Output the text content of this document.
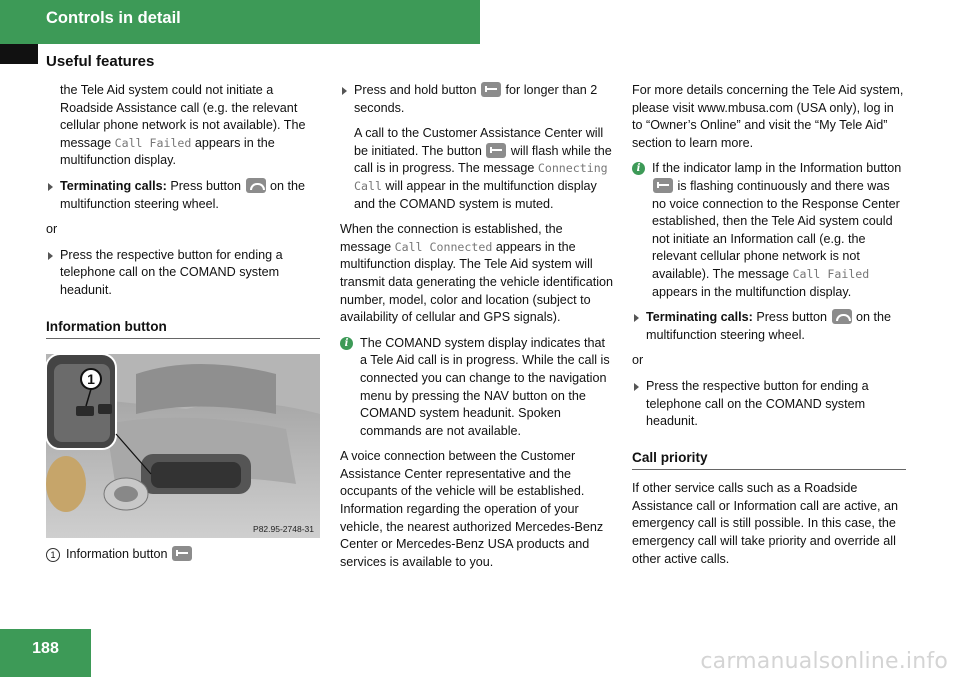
Controls in detail
Useful features

the Tele Aid system could not initiate a Roadside Assistance call (e.g. the relevant cellular phone network is not available). The message Call Failed appears in the multifunction display.

Terminating calls: Press button  on the multifunction steering wheel.

or

Press the respective button for ending a telephone call on the COMAND system headunit.
Information button
1
P82.95-2748-31
1 Information button
Press and hold button  for longer than 2 seconds.

A call to the Customer Assistance Center will be initiated. The button  will flash while the call is in progress. The message Connecting Call will appear in the multifunction display and the COMAND system is muted.

When the connection is established, the message Call Connected appears in the multifunction display. The Tele Aid system will transmit data generating the vehicle identification number, model, color and location (subject to availability of cellular and GPS signals).

i The COMAND system display indicates that a Tele Aid call is in progress. While the call is connected you can change to the navigation menu by pressing the NAV button on the COMAND system headunit. Spoken commands are not available.

A voice connection between the Customer Assistance Center representative and the occupants of the vehicle will be established. Information regarding the operation of your vehicle, the nearest authorized Mercedes-Benz Center or Mercedes-Benz USA products and services is available to you.

For more details concerning the Tele Aid system, please visit www.mbusa.com (USA only), log in to “Owner’s Online” and visit the “My Tele Aid” section to learn more.

i If the indicator lamp in the Information button  is flashing continuously and there was no voice connection to the Response Center established, then the Tele Aid system could not initiate an Information call (e.g. the relevant cellular phone network is not available). The message Call Failed appears in the multifunction display.
Terminating calls: Press button  on the multifunction steering wheel.

or

Press the respective button for ending a telephone call on the COMAND system headunit.
Call priority

If other service calls such as a Roadside Assistance call or Information call are active, an emergency call is still possible. In this case, the emergency call will take priority and override all other active calls.

188
carmanualsonline.info
